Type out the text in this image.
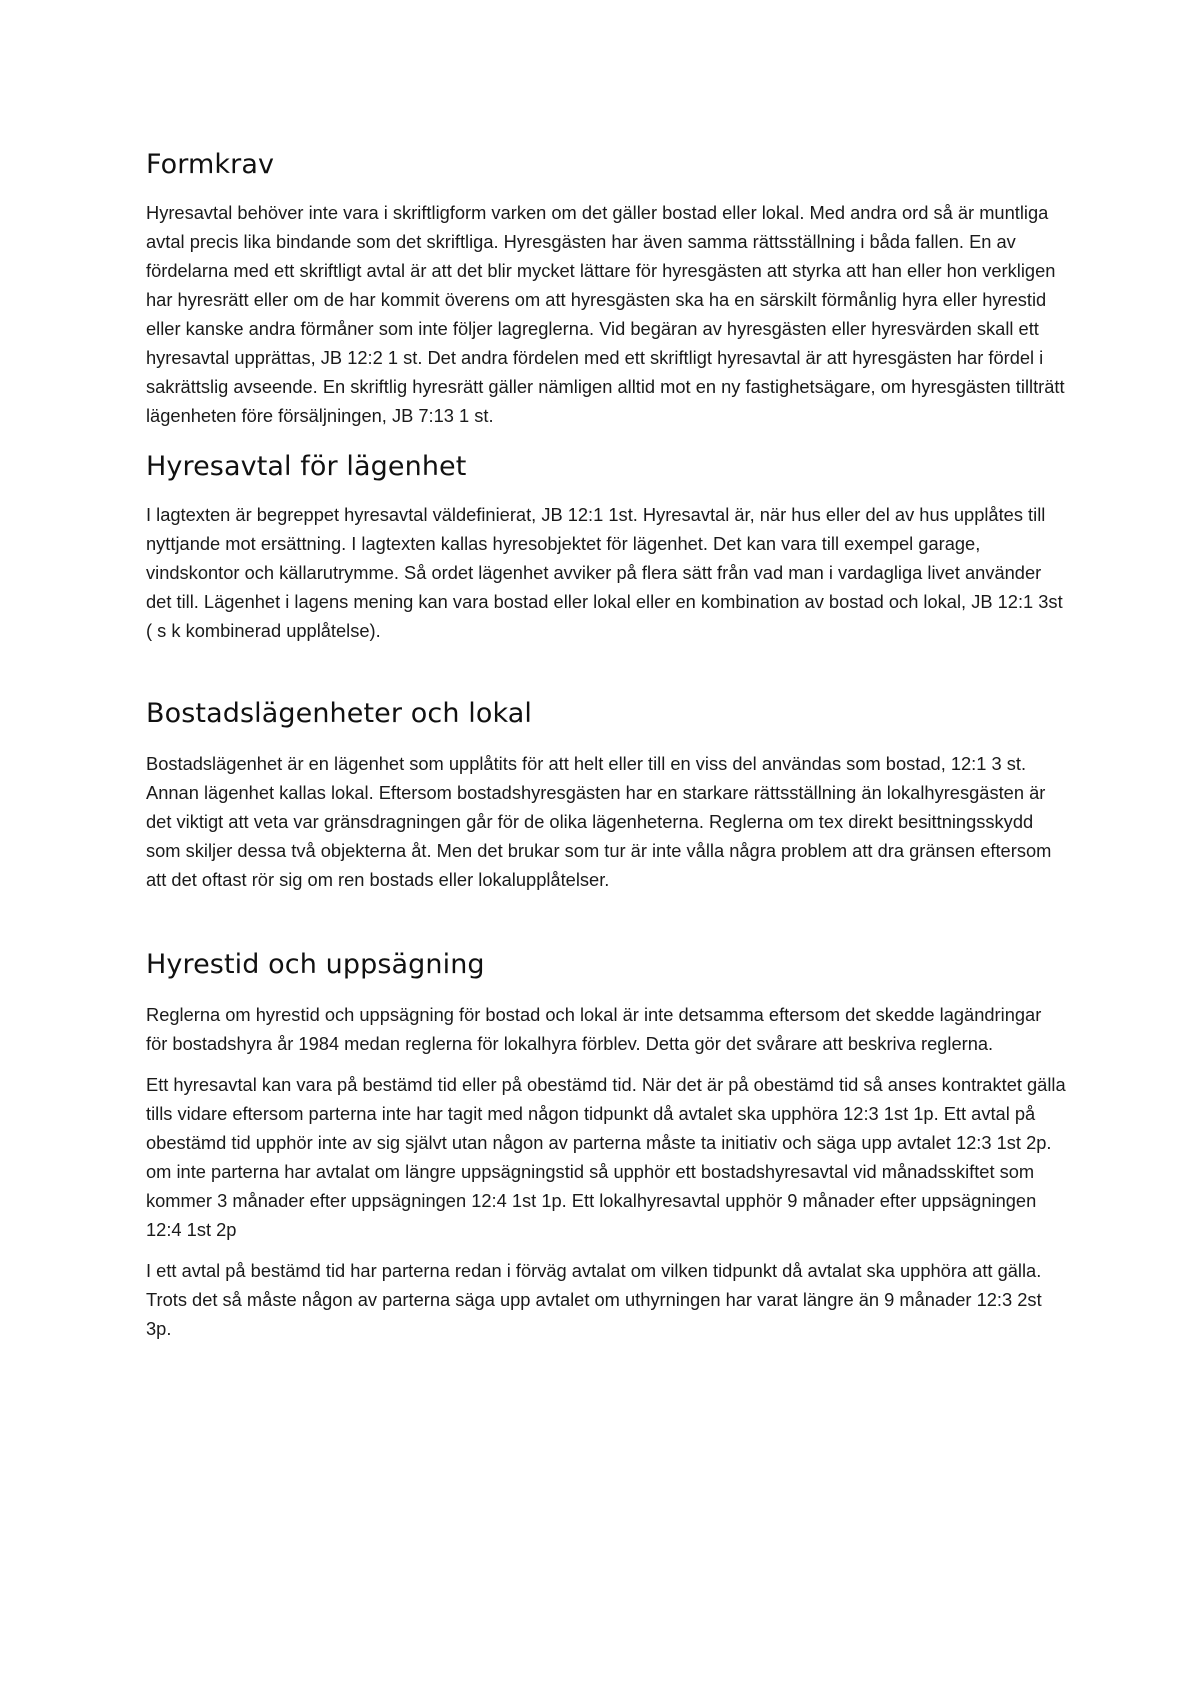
Formkrav

Hyresavtal behöver inte vara i skriftligform varken om det gäller bostad eller lokal. Med andra ord så är muntliga avtal precis lika bindande som det skriftliga. Hyresgästen har även samma rättsställning i båda fallen. En av fördelarna med ett skriftligt avtal är att det blir mycket lättare för hyresgästen att styrka att han eller hon verkligen har hyresrätt eller om de har kommit överens om att hyresgästen ska ha en särskilt förmånlig hyra eller hyrestid eller kanske andra förmåner som inte följer lagreglerna. Vid begäran av hyresgästen eller hyresvärden skall ett hyresavtal upprättas, JB 12:2 1 st. Det andra fördelen med ett skriftligt hyresavtal är att hyresgästen har fördel i sakrättslig avseende. En skriftlig hyresrätt gäller nämligen alltid mot en ny fastighetsägare, om hyresgästen tillträtt lägenheten före försäljningen, JB 7:13 1 st.

Hyresavtal för lägenhet

I lagtexten är begreppet hyresavtal väldefinierat, JB 12:1 1st. Hyresavtal är, när hus eller del av hus upplåtes till nyttjande mot ersättning. I lagtexten kallas hyresobjektet för lägenhet. Det kan vara till exempel garage, vindskontor och källarutrymme. Så ordet lägenhet avviker på flera sätt från vad man i vardagliga livet använder det till. Lägenhet i lagens mening kan vara bostad eller lokal eller en kombination av bostad och lokal, JB 12:1 3st ( s k kombinerad upplåtelse).

Bostadslägenheter och lokal

Bostadslägenhet är en lägenhet som upplåtits för att helt eller till en viss del användas som bostad, 12:1 3 st. Annan lägenhet kallas lokal. Eftersom bostadshyresgästen har en starkare rättsställning än lokalhyresgästen är det viktigt att veta var gränsdragningen går för de olika lägenheterna. Reglerna om tex direkt besittningsskydd som skiljer dessa två objekterna åt. Men det brukar som tur är inte vålla några problem att dra gränsen eftersom att det oftast rör sig om ren bostads eller lokalupplåtelser.

Hyrestid och uppsägning

Reglerna om hyrestid och uppsägning för bostad och lokal är inte detsamma eftersom det skedde lagändringar för bostadshyra år 1984 medan reglerna för lokalhyra förblev. Detta gör det svårare att beskriva reglerna.

Ett hyresavtal kan vara på bestämd tid eller på obestämd tid. När det är på obestämd tid så anses kontraktet gälla tills vidare eftersom parterna inte har tagit med någon tidpunkt då avtalet ska upphöra 12:3 1st 1p. Ett avtal på obestämd tid upphör inte av sig självt utan någon av parterna måste ta initiativ och säga upp avtalet 12:3 1st 2p. om inte parterna har avtalat om längre uppsägningstid så upphör ett bostadshyresavtal vid månadsskiftet som kommer 3 månader efter uppsägningen 12:4 1st 1p. Ett lokalhyresavtal upphör 9 månader efter uppsägningen 12:4 1st 2p

I ett avtal på bestämd tid har parterna redan i förväg avtalat om vilken tidpunkt då avtalat ska upphöra att gälla. Trots det så måste någon av parterna säga upp avtalet om uthyrningen har varat längre än 9 månader 12:3 2st 3p.
